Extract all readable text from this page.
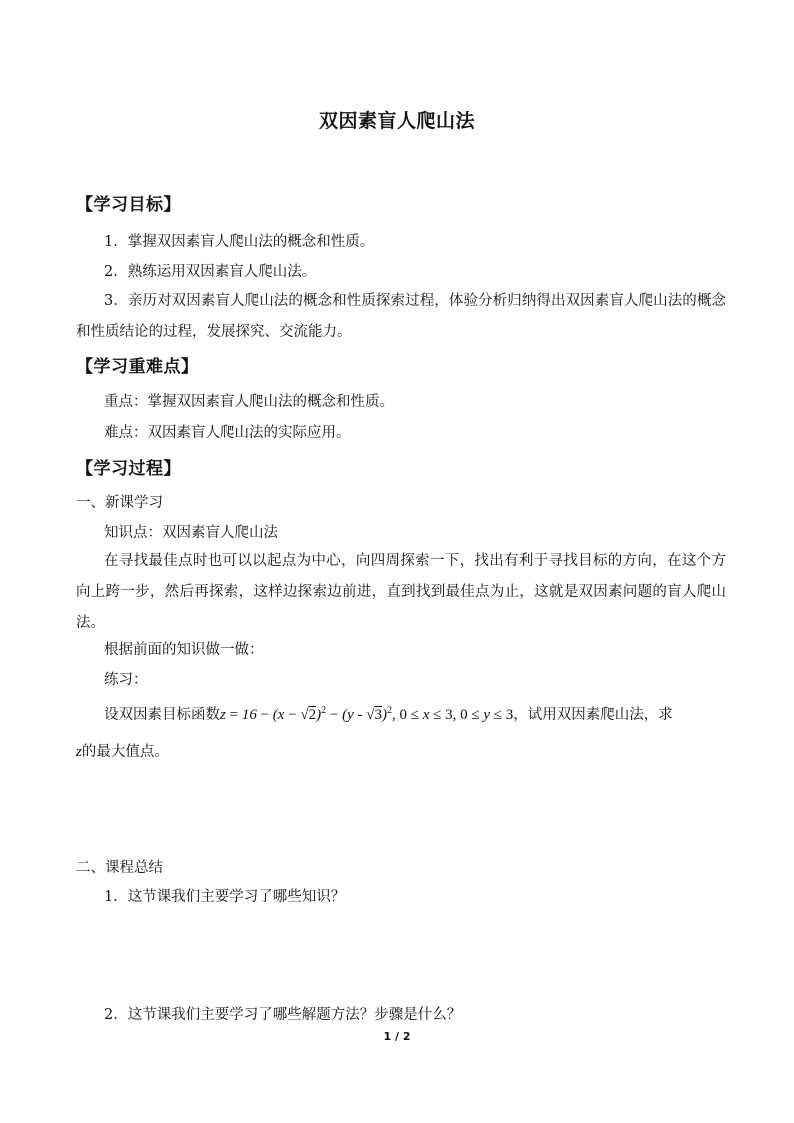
双因素盲人爬山法
【学习目标】
1．掌握双因素盲人爬山法的概念和性质。
2．熟练运用双因素盲人爬山法。
3．亲历对双因素盲人爬山法的概念和性质探索过程，体验分析归纳得出双因素盲人爬山法的概念和性质结论的过程，发展探究、交流能力。
【学习重难点】
重点：掌握双因素盲人爬山法的概念和性质。
难点：双因素盲人爬山法的实际应用。
【学习过程】
一、新课学习
知识点：双因素盲人爬山法
在寻找最佳点时也可以以起点为中心，向四周探索一下，找出有利于寻找目标的方向，在这个方向上跨一步，然后再探索，这样边探索边前进，直到找到最佳点为止，这就是双因素问题的盲人爬山法。
根据前面的知识做一做：
练习：
设双因素目标函数$z = 16 - (x - √2)^2 - (y - √3)^2$, 0 ≤ x ≤ 3, 0 ≤ y ≤ 3，试用双因素爬山法，求
z的最大值点。
二、课程总结
1．这节课我们主要学习了哪些知识？
2．这节课我们主要学习了哪些解题方法？步骤是什么？
1 / 2
